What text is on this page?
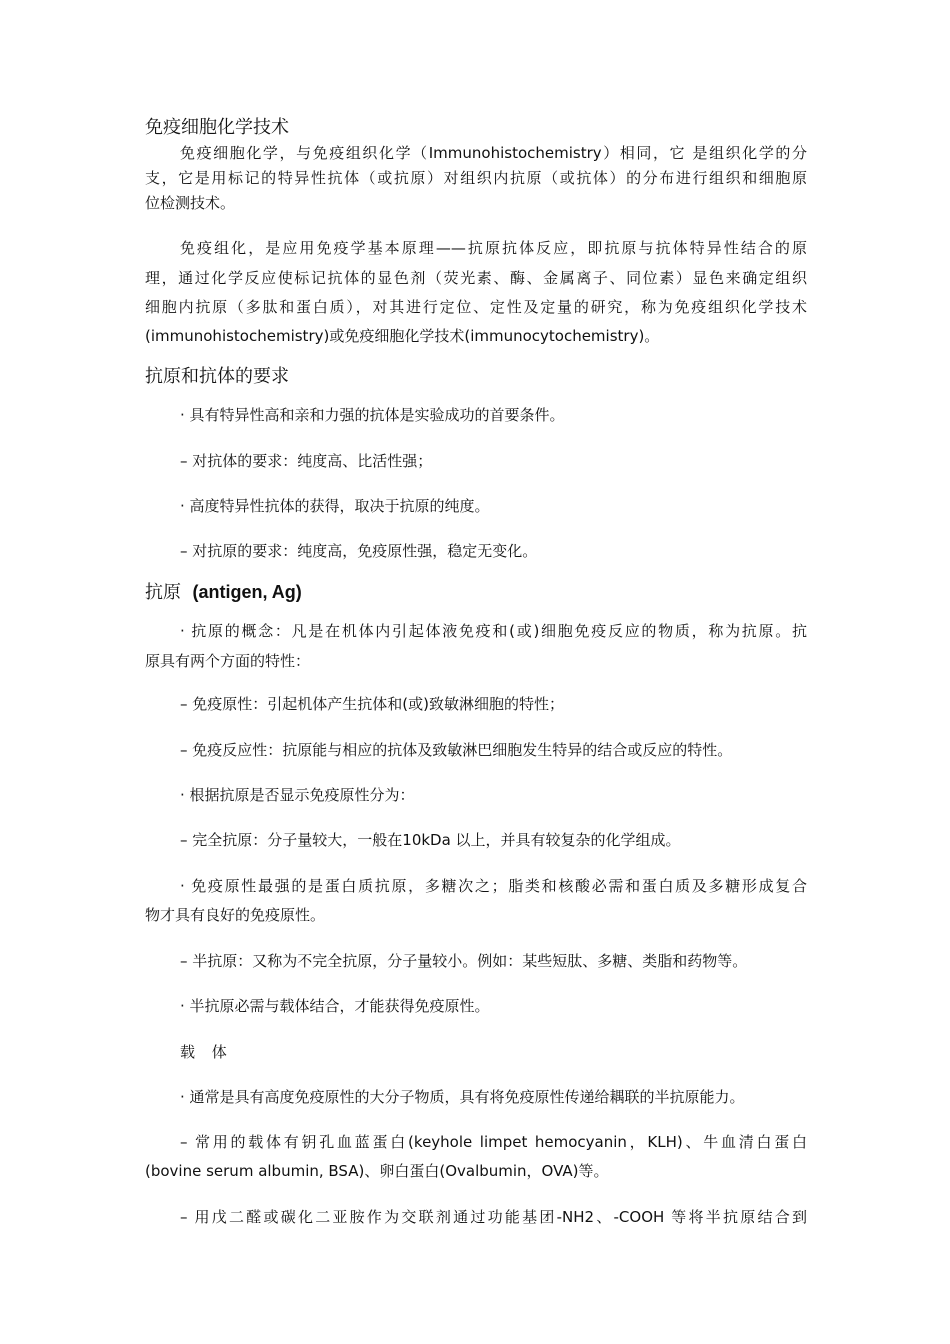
免疫细胞化学技术
免疫细胞化学，与免疫组织化学（Immunohistochemistry）相同，它 是组织化学的分
支，它是用标记的特异性抗体（或抗原）对组织内抗原（或抗体）的分布进行组织和细胞原
位检测技术。
免疫组化，是应用免疫学基本原理——抗原抗体反应，即抗原与抗体特异性结合的原
理，通过化学反应使标记抗体的显色剂（荧光素、酶、金属离子、同位素）显色来确定组织
细胞内抗原（多肽和蛋白质），对其进行定位、定性及定量的研究，称为免疫组织化学技术
(immunohistochemistry)或免疫细胞化学技术(immunocytochemistry)。
抗原和抗体的要求
· 具有特异性高和亲和力强的抗体是实验成功的首要条件。
– 对抗体的要求：纯度高、比活性强；
· 高度特异性抗体的获得，取决于抗原的纯度。
– 对抗原的要求：纯度高，免疫原性强，稳定无变化。
抗原 (antigen, Ag)
· 抗原的概念：凡是在机体内引起体液免疫和(或)细胞免疫反应的物质，称为抗原。抗
原具有两个方面的特性：
– 免疫原性：引起机体产生抗体和(或)致敏淋细胞的特性；
– 免疫反应性：抗原能与相应的抗体及致敏淋巴细胞发生特异的结合或反应的特性。
· 根据抗原是否显示免疫原性分为：
– 完全抗原：分子量较大，一般在10kDa 以上，并具有较复杂的化学组成。
· 免疫原性最强的是蛋白质抗原，多糖次之；脂类和核酸必需和蛋白质及多糖形成复合
物才具有良好的免疫原性。
– 半抗原：又称为不完全抗原，分子量较小。例如：某些短肽、多糖、类脂和药物等。
· 半抗原必需与载体结合，才能获得免疫原性。
载 体
· 通常是具有高度免疫原性的大分子物质，具有将免疫原性传递给耦联的半抗原能力。
– 常用的载体有钥孔血蓝蛋白(keyhole limpet hemocyanin，KLH)、牛血清白蛋白
(bovine serum albumin, BSA)、卵白蛋白(Ovalbumin，OVA)等。
– 用戊二醛或碳化二亚胺作为交联剂通过功能基团-NH2、-COOH 等将半抗原结合到
